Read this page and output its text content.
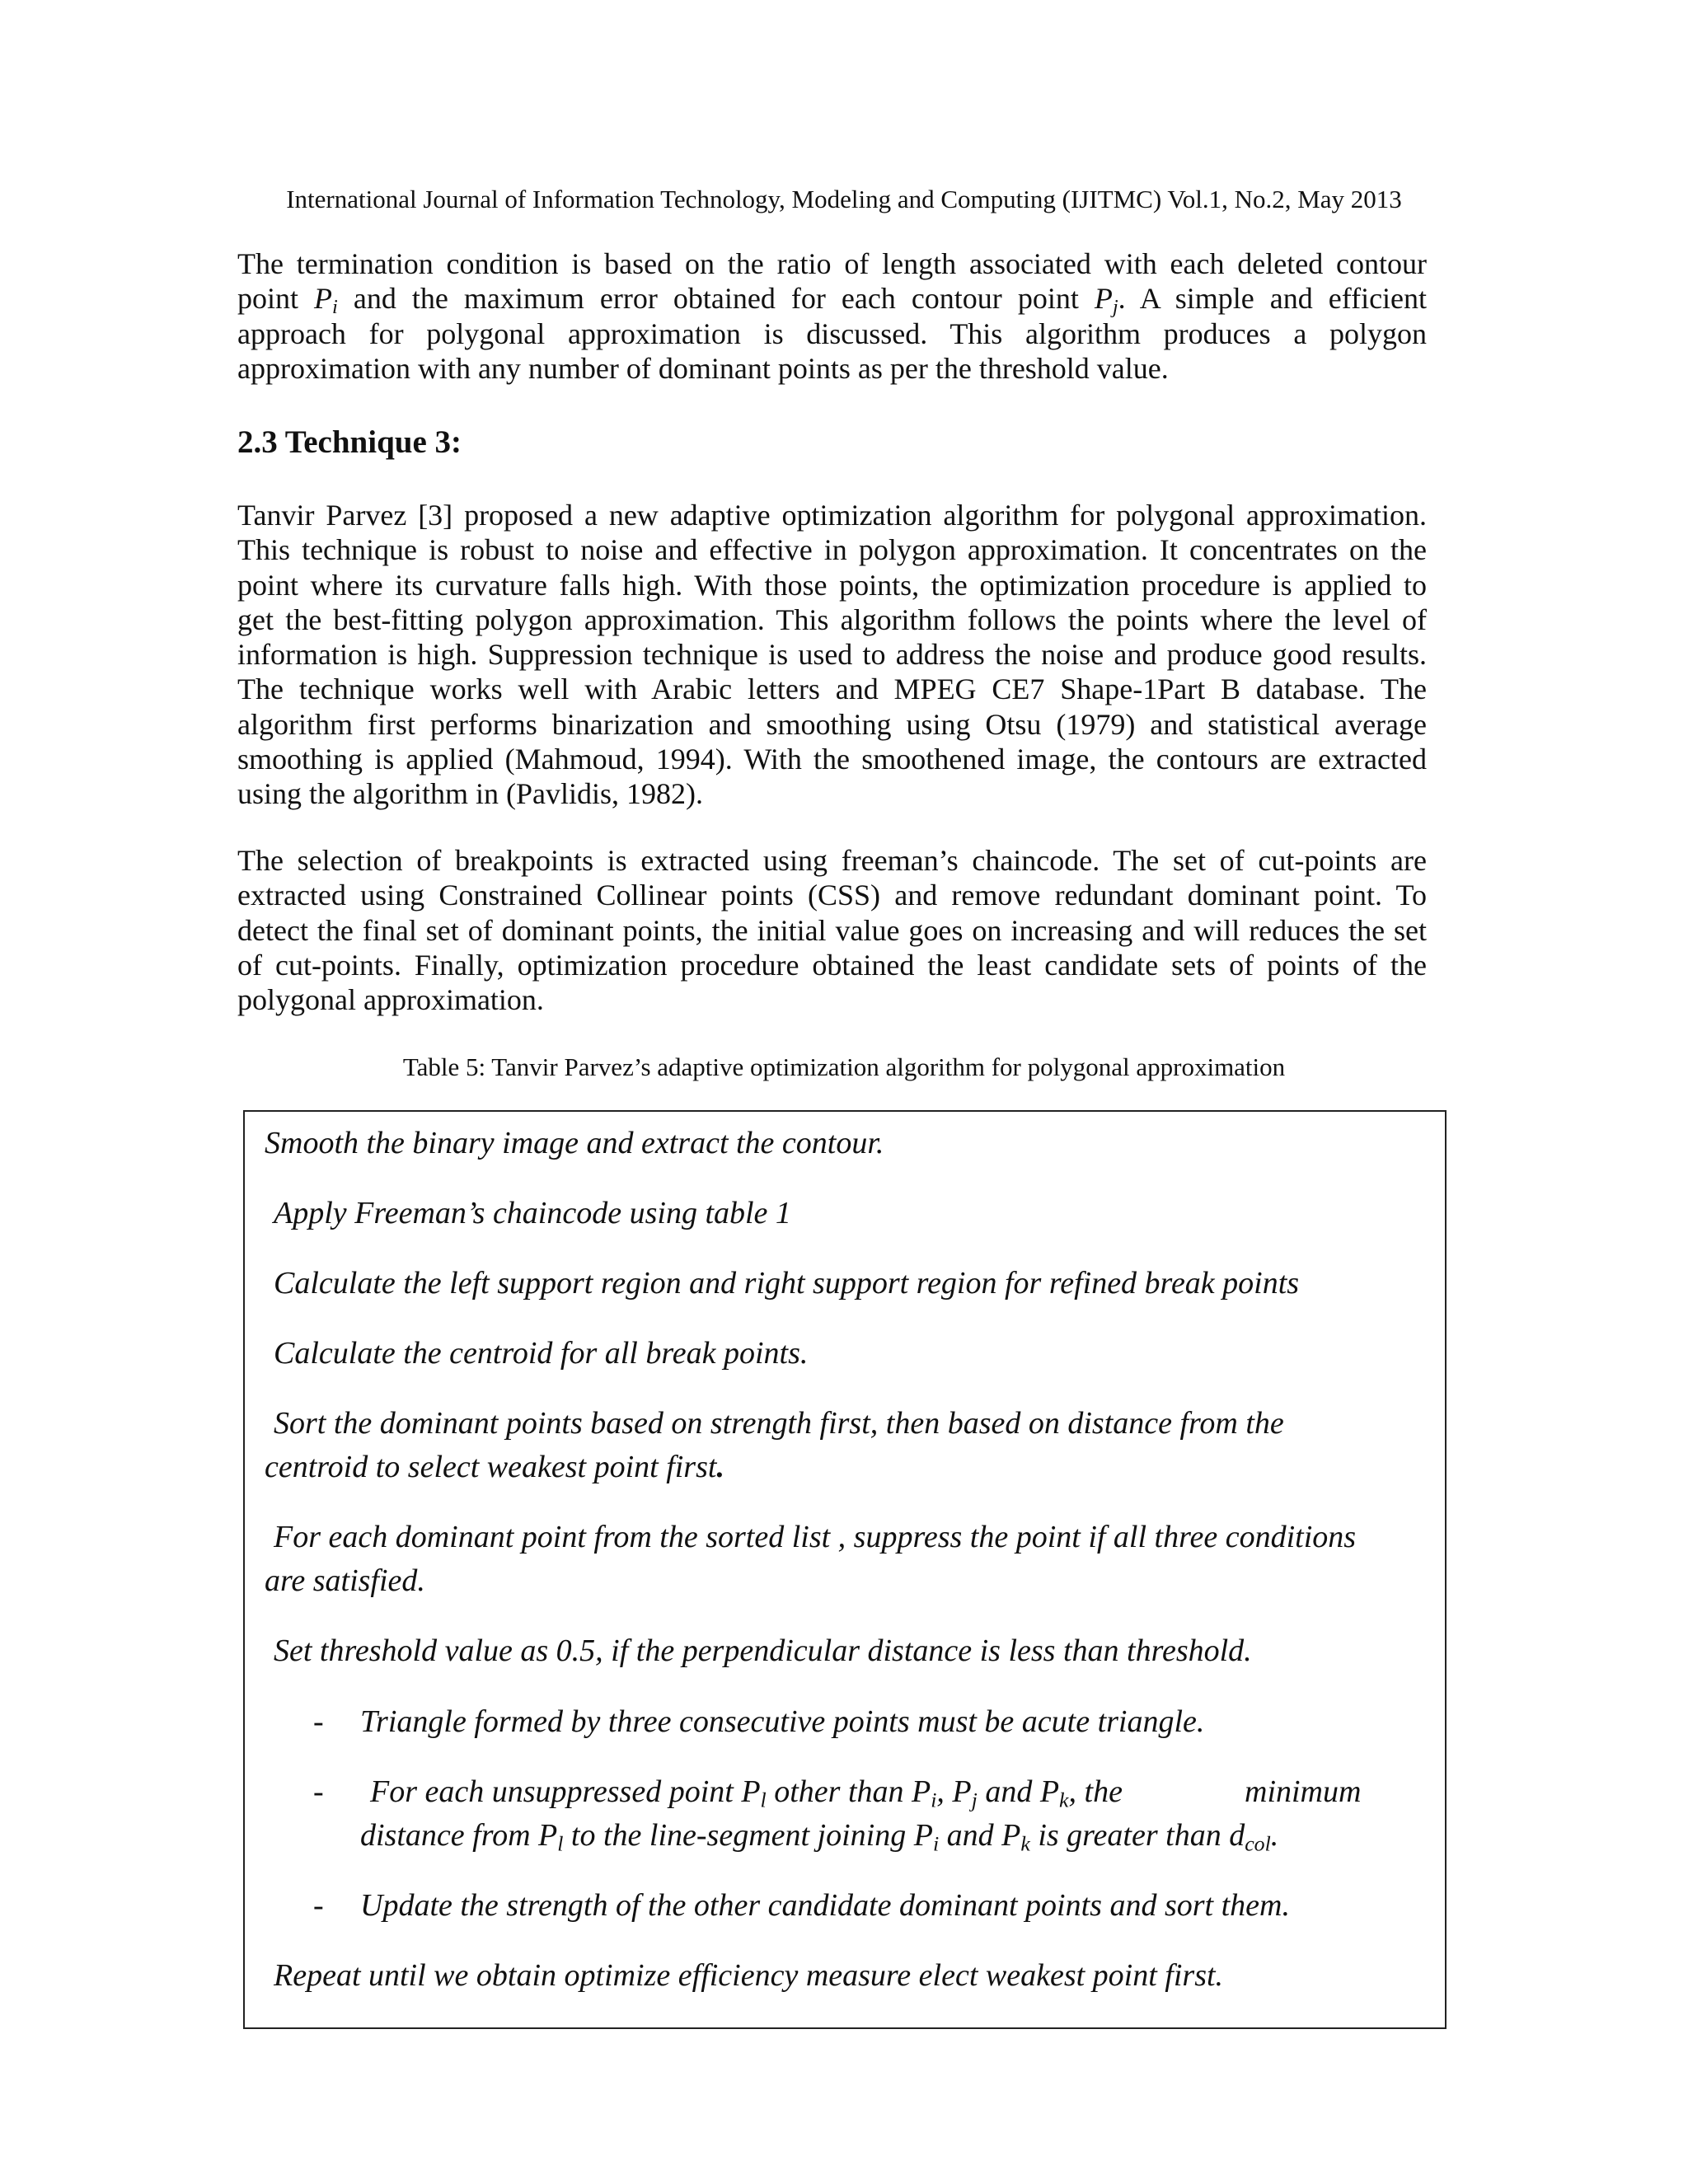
International Journal of Information Technology, Modeling and Computing (IJITMC) Vol.1, No.2, May 2013
The termination condition is based on the ratio of length associated with each deleted contour
point $P_i$ and the maximum error obtained for each contour point $P_j$. A simple and efficient
approach for polygonal approximation is discussed. This algorithm produces a polygon
approximation with any number of dominant points as per the threshold value.
2.3 Technique 3:
Tanvir Parvez [3] proposed a new adaptive optimization algorithm for polygonal approximation.
This technique is robust to noise and effective in polygon approximation. It concentrates on the
point where its curvature falls high. With those points, the optimization procedure is applied to
get the best-fitting polygon approximation. This algorithm follows the points where the level of
information is high. Suppression technique is used to address the noise and produce good results.
The technique works well with Arabic letters and MPEG CE7 Shape-1Part B database. The
algorithm first performs binarization and smoothing using Otsu (1979) and statistical average
smoothing is applied (Mahmoud, 1994). With the smoothened image, the contours are extracted
using the algorithm in (Pavlidis, 1982).
The selection of breakpoints is extracted using freeman’s chaincode. The set of cut-points are
extracted using Constrained Collinear points (CSS) and remove redundant dominant point. To
detect the final set of dominant points, the initial value goes on increasing and will reduces the set
of cut-points. Finally, optimization procedure obtained the least candidate sets of points of the
polygonal approximation.
Table 5: Tanvir Parvez’s adaptive optimization algorithm for polygonal approximation

Smooth the binary image and extract the contour.

Apply Freeman’s chaincode using table 1

Calculate the left support region and right support region for refined break points

Calculate the centroid for all break points.

Sort the dominant points based on strength first, then based on distance from the

centroid to select weakest point first.

For each dominant point from the sorted list , suppress the point if all three conditions

are satisfied.

Set threshold value as 0.5, if the perpendicular distance is less than threshold.

- Triangle formed by three consecutive points must be acute triangle.

- For each unsuppressed point $P_l$ other than $P_i$, $P_j$ and $P_k$, the	minimum

distance from $P_l$ to the line-segment joining $P_i$ and $P_k$ is greater than $d_{col}$.

- Update the strength of the other candidate dominant points and sort them.

Repeat until we obtain optimize efficiency measure elect weakest point first.
